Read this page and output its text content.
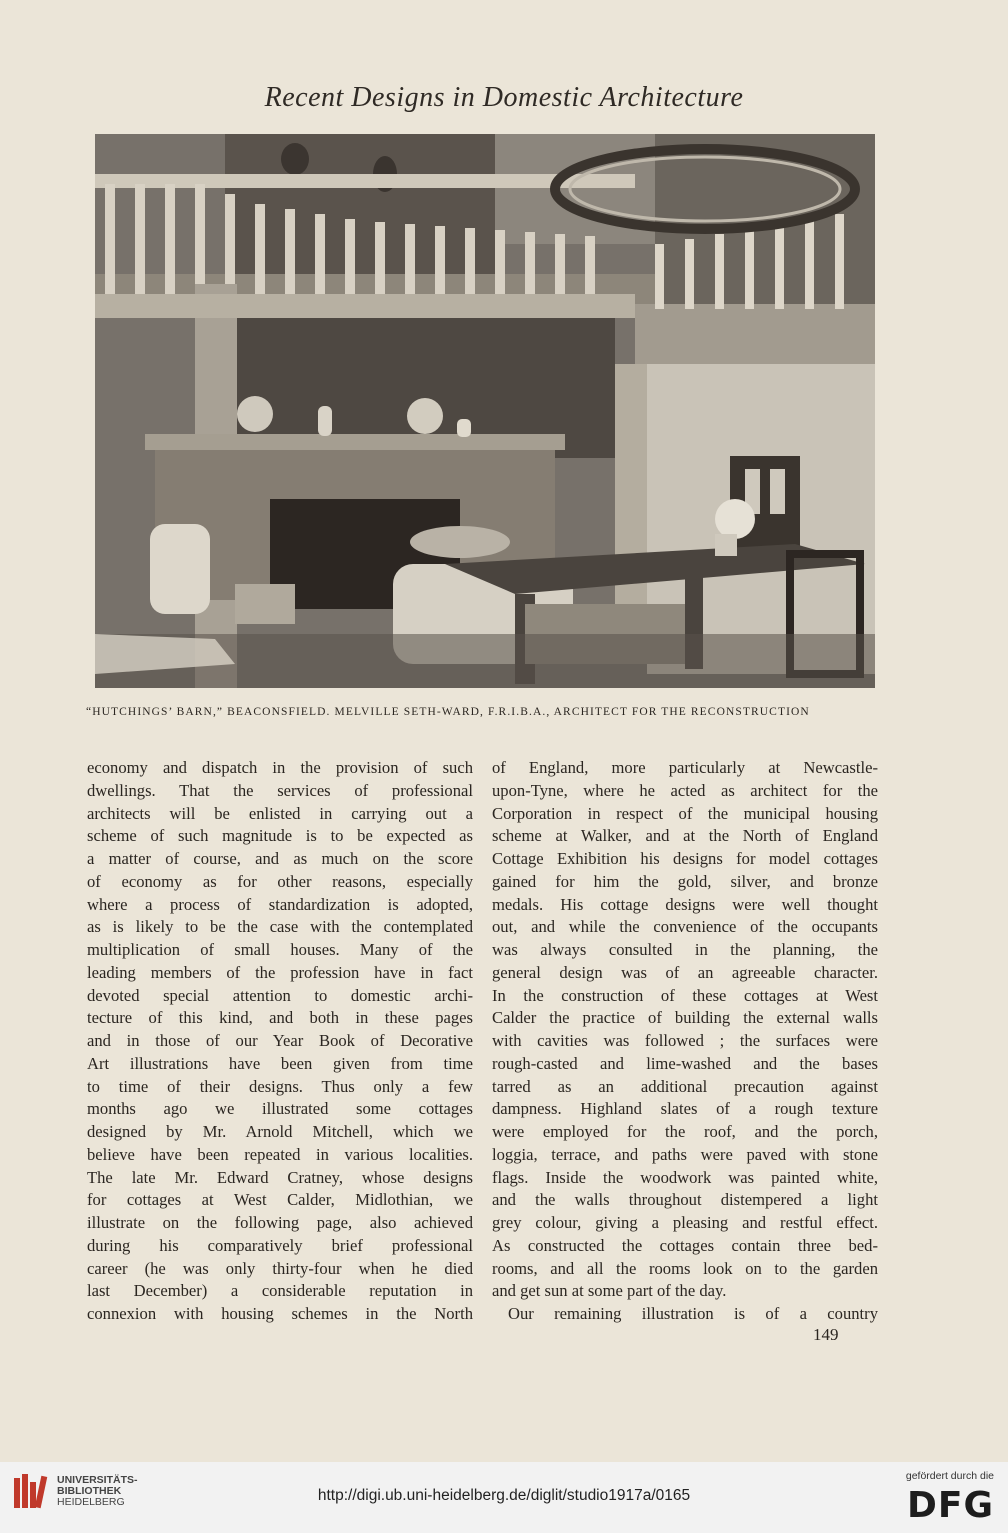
Recent Designs in Domestic Architecture
“HUTCHINGS’ BARN,” BEACONSFIELD. MELVILLE SETH-WARD, F.R.I.B.A., ARCHITECT FOR THE RECONSTRUCTION
economy and dispatch in the provision of such
dwellings. That the services of professional
architects will be enlisted in carrying out a
scheme of such magnitude is to be expected as
a matter of course, and as much on the score
of economy as for other reasons, especially
where a process of standardization is adopted,
as is likely to be the case with the contemplated
multiplication of small houses. Many of the
leading members of the profession have in fact
devoted special attention to domestic archi-
tecture of this kind, and both in these pages
and in those of our Year Book of Decorative
Art illustrations have been given from time
to time of their designs. Thus only a few
months ago we illustrated some cottages
designed by Mr. Arnold Mitchell, which we
believe have been repeated in various localities.
The late Mr. Edward Cratney, whose designs
for cottages at West Calder, Midlothian, we
illustrate on the following page, also achieved
during his comparatively brief professional
career (he was only thirty-four when he died
last December) a considerable reputation in
connexion with housing schemes in the North
of England, more particularly at Newcastle-
upon-Tyne, where he acted as architect for the
Corporation in respect of the municipal housing
scheme at Walker, and at the North of England
Cottage Exhibition his designs for model cottages
gained for him the gold, silver, and bronze
medals. His cottage designs were well thought
out, and while the convenience of the occupants
was always consulted in the planning, the
general design was of an agreeable character.
In the construction of these cottages at West
Calder the practice of building the external walls
with cavities was followed ; the surfaces were
rough-casted and lime-washed and the bases
tarred as an additional precaution against
dampness. Highland slates of a rough texture
were employed for the roof, and the porch,
loggia, terrace, and paths were paved with stone
flags. Inside the woodwork was painted white,
and the walls throughout distempered a light
grey colour, giving a pleasing and restful effect.
As constructed the cottages contain three bed-
rooms, and all the rooms look on to the garden
and get sun at some part of the day.
Our remaining illustration is of a country
149
UNIVERSITÄTS-
BIBLIOTHEK
HEIDELBERG	http://digi.ub.uni-heidelberg.de/diglit/studio1917a/0165
gefördert durch die
DFG
